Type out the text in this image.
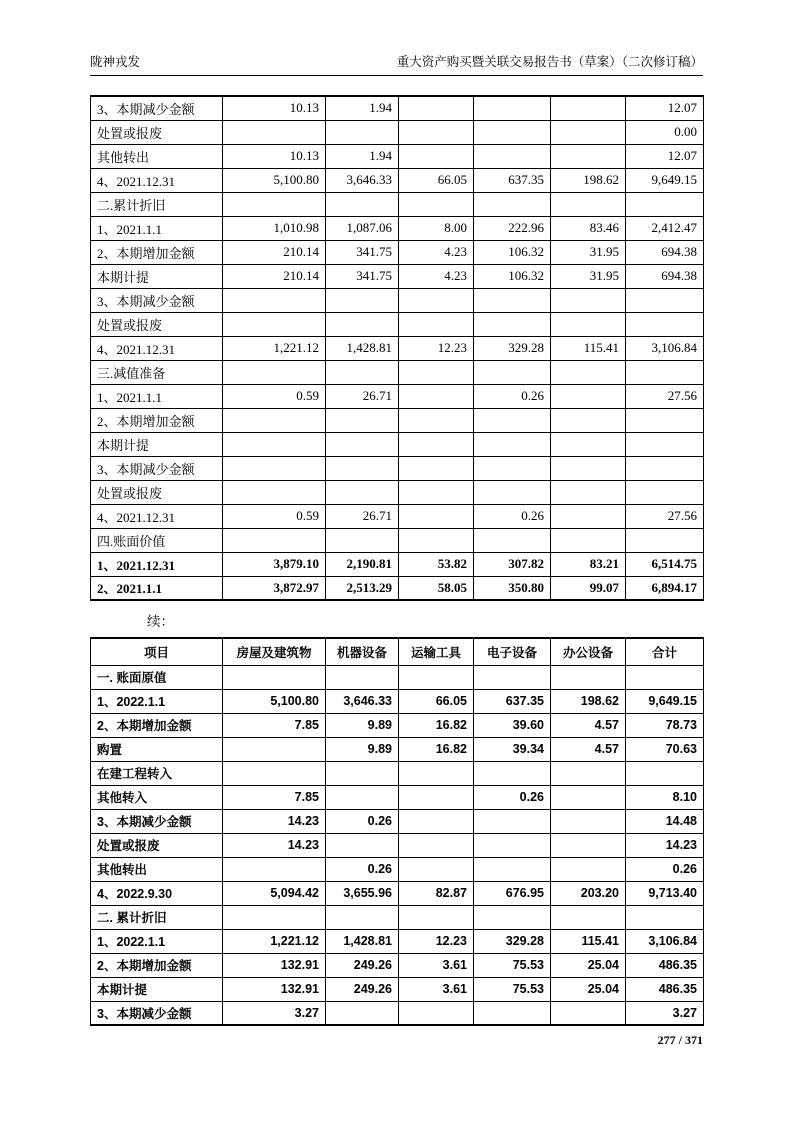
陇神戎发	重大资产购买暨关联交易报告书（草案）（二次修订稿）
3、本期减少金额	10.13	1.94				12.07
处置或报废						0.00
其他转出	10.13	1.94				12.07
4、2021.12.31	5,100.80	3,646.33	66.05	637.35	198.62	9,649.15
二.累计折旧						
1、2021.1.1	1,010.98	1,087.06	8.00	222.96	83.46	2,412.47
2、本期增加金额	210.14	341.75	4.23	106.32	31.95	694.38
本期计提	210.14	341.75	4.23	106.32	31.95	694.38
3、本期减少金额						
处置或报废						
4、2021.12.31	1,221.12	1,428.81	12.23	329.28	115.41	3,106.84
三.减值准备						
1、2021.1.1	0.59	26.71		0.26		27.56
2、本期增加金额						
本期计提						
3、本期减少金额						
处置或报废						
4、2021.12.31	0.59	26.71		0.26		27.56
四.账面价值						
1、2021.12.31	3,879.10	2,190.81	53.82	307.82	83.21	6,514.75
2、2021.1.1	3,872.97	2,513.29	58.05	350.80	99.07	6,894.17
续：
项目	房屋及建筑物	机器设备	运输工具	电子设备	办公设备	合计
一. 账面原值						
1、2022.1.1	5,100.80	3,646.33	66.05	637.35	198.62	9,649.15
2、本期增加金额	7.85	9.89	16.82	39.60	4.57	78.73
购置		9.89	16.82	39.34	4.57	70.63
在建工程转入						
其他转入	7.85			0.26		8.10
3、本期减少金额	14.23	0.26				14.48
处置或报废	14.23					14.23
其他转出		0.26				0.26
4、2022.9.30	5,094.42	3,655.96	82.87	676.95	203.20	9,713.40
二. 累计折旧						
1、2022.1.1	1,221.12	1,428.81	12.23	329.28	115.41	3,106.84
2、本期增加金额	132.91	249.26	3.61	75.53	25.04	486.35
本期计提	132.91	249.26	3.61	75.53	25.04	486.35
3、本期减少金额	3.27					3.27
277 / 371
